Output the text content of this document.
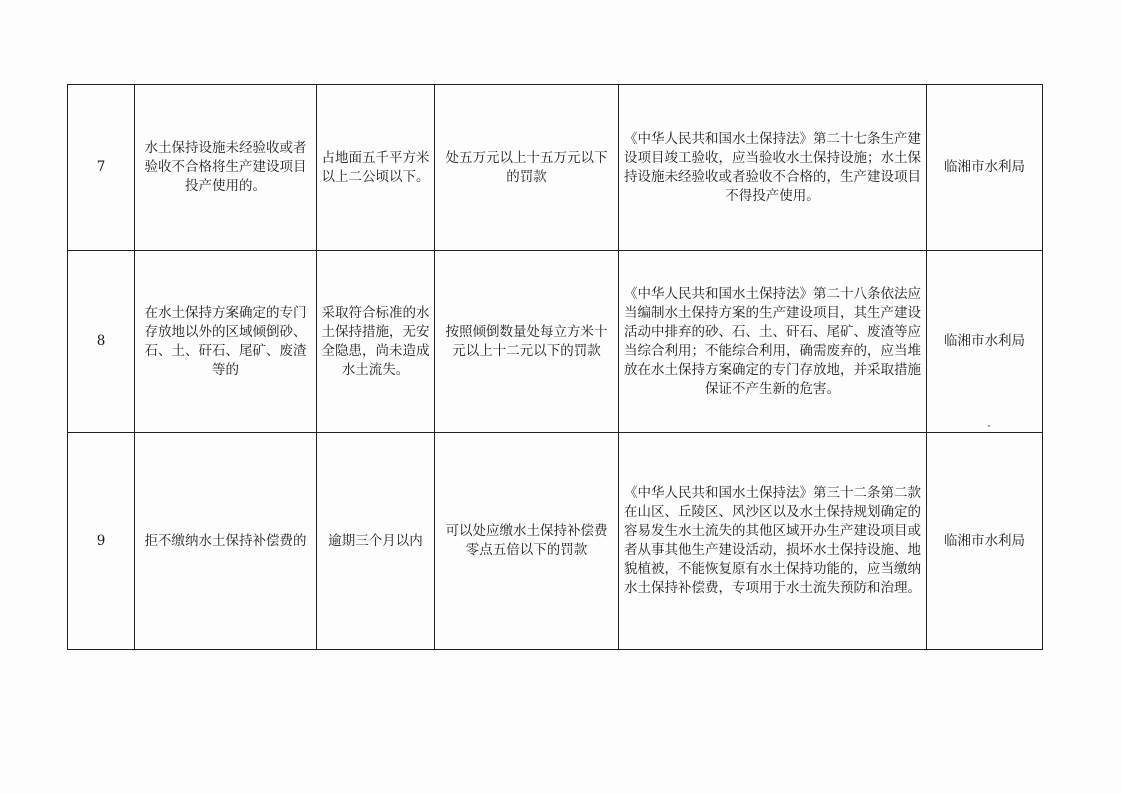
7	水土保持设施未经验收或者验收不合格将生产建设项目投产使用的。	占地面五千平方米以上二公顷以下。	处五万元以上十五万元以下的罚款	《中华人民共和国水土保持法》第二十七条生产建设项目竣工验收，应当验收水土保持设施；水土保持设施未经验收或者验收不合格的，生产建设项目不得投产使用。	临湘市水利局
8	在水土保持方案确定的专门存放地以外的区域倾倒砂、石、土、矸石、尾矿、废渣等的	采取符合标准的水土保持措施，无安全隐患，尚未造成水土流失。	按照倾倒数量处每立方米十元以上十二元以下的罚款	《中华人民共和国水土保持法》第二十八条依法应当编制水土保持方案的生产建设项目，其生产建设活动中排弃的砂、石、土、矸石、尾矿、废渣等应当综合利用；不能综合利用，确需废弃的，应当堆放在水土保持方案确定的专门存放地，并采取措施保证不产生新的危害。	临湘市水利局
9	拒不缴纳水土保持补偿费的	逾期三个月以内	可以处应缴水土保持补偿费零点五倍以下的罚款	《中华人民共和国水土保持法》第三十二条第二款 在山区、丘陵区、风沙区以及水土保持规划确定的容易发生水土流失的其他区域开办生产建设项目或者从事其他生产建设活动，损坏水土保持设施、地貌植被，不能恢复原有水土保持功能的，应当缴纳水土保持补偿费，专项用于水土流失预防和治理。	临湘市水利局
